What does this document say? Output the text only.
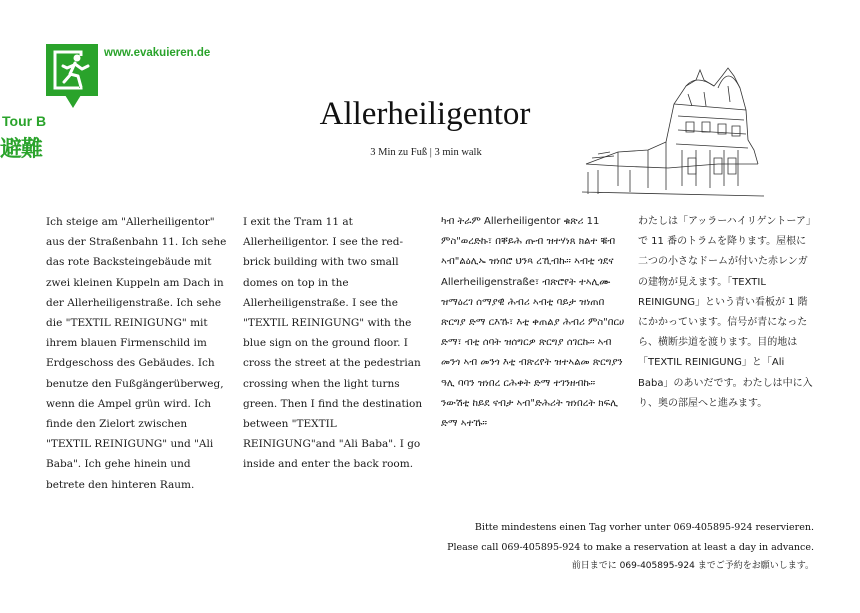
Tour B
避難
www.evakuieren.de
Allerheiligentor
3 Min zu Fuß | 3 min walk
Ich steige am "Allerheiligentor" aus der Straßenbahn 11. Ich sehe das rote Backsteingebäude mit zwei kleinen Kuppeln am Dach in der Allerheiligenstraße. Ich sehe die "TEXTIL REINIGUNG" mit ihrem blauen Firmenschild im Erdgeschoss des Gebäudes. Ich benutze den Fußgängerüberweg, wenn die Ampel grün wird. Ich finde den Zielort zwischen "TEXTIL REINIGUNG" und "Ali Baba". Ich gehe hinein und betrete den hinteren Raum.
I exit the Tram 11 at Allerheiligentor. I see the red-brick building with two small domes on top in the Allerheiligenstraße. I see the "TEXTIL REINIGUNG" with the blue sign on the ground floor. I cross the street at the pedestrian crossing when the light turns green. Then I find the destination between "TEXTIL REINIGUNG"and "Ali Baba". I go inside and enter the back room.
ካብ ትራም Allerheiligentor ቁጽሪ 11 ምስ"ወረድኩ፣ በቐይሕ ጡብ ዝተሃነጸ ክልተ ቑብ ኣብ"ልዕሊኡ ዝነበሮ ህንጻ ረኺብኩ። ኣብቲ ጎደና Allerheiligenstraße፣ ብጽሮየት ተኣሊሙ ዝማዕረገ ሰማያዊ ሕብሪ ኣብቲ ባይታ ዝነጠበ ጽርግያ ድማ ርእኹ፣ እቲ ቀጠልያ ሕብሪ ምስ"በርሀ ድማ፣ ብቲ ሰባት ዝሰግርዎ ጽርግያ ሰገርኩ። ኣብ መንጎ ኣብ መንጎ እቲ ብጽረየት ዝተኣልመ ጽርግያን ዓሊ ባባን ዝነበረ ርሕቀት ድማ ተገንዘብኩ። ንውሽቲ ከይደ ናብታ ኣብ"ድሕሪት ዝነበረት ክፍሊ ድማ ኣተኹ።
わたしは「アッラーハイリゲントーア」で 11 番のトラムを降ります。屋根に二つの小さなドームが付いた赤レンガの建物が見えます。「TEXTIL REINIGUNG」という青い看板が 1 階にかかっています。信号が青になったら、横断歩道を渡ります。目的地は「TEXTIL REINIGUNG」と「Ali Baba」のあいだです。わたしは中に入り、奥の部屋へと進みます。
Bitte mindestens einen Tag vorher unter 069-405895-924 reservieren.
Please call 069-405895-924 to make a reservation at least a day in advance.
前日までに 069-405895-924 までご予約をお願いします。
